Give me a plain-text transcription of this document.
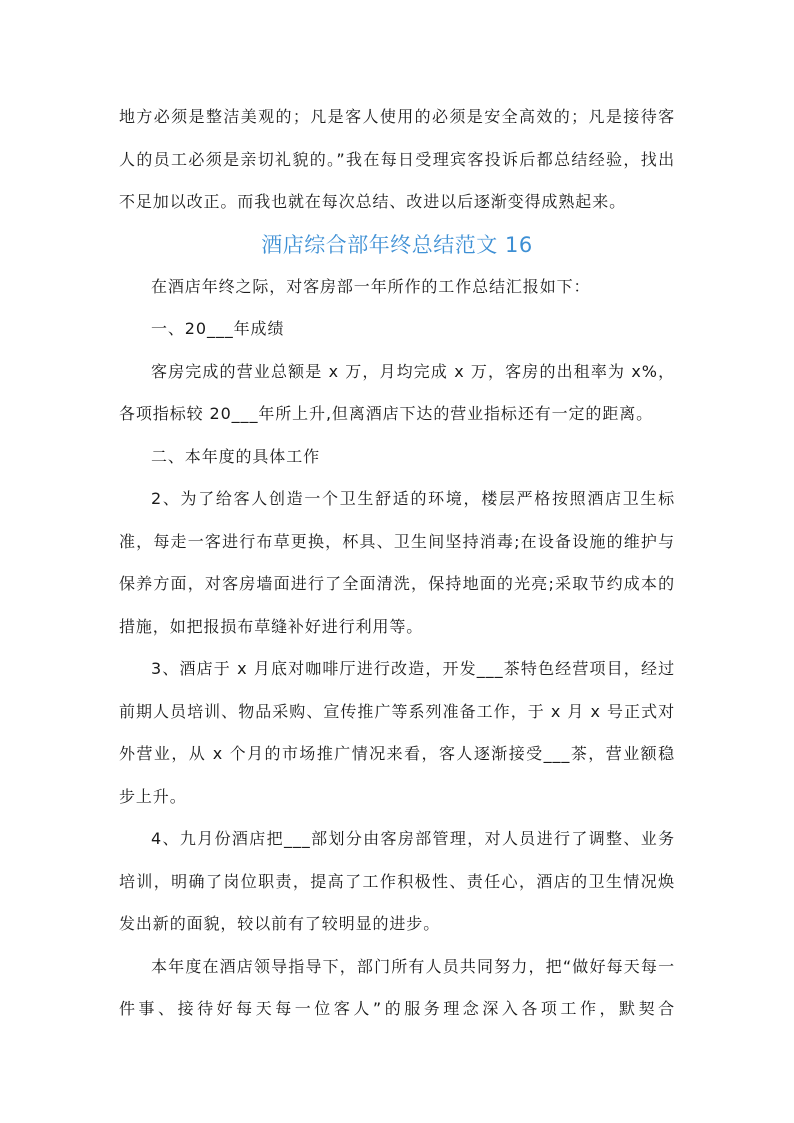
地方必须是整洁美观的；凡是客人使用的必须是安全高效的；凡是接待客人的员工必须是亲切礼貌的。”我在每日受理宾客投诉后都总结经验，找出不足加以改正。而我也就在每次总结、改进以后逐渐变得成熟起来。

酒店综合部年终总结范文 16

在酒店年终之际，对客房部一年所作的工作总结汇报如下：

一、20___年成绩

客房完成的营业总额是 x 万，月均完成 x 万，客房的出租率为 x%，各项指标较 20___年所上升,但离酒店下达的营业指标还有一定的距离。

二、本年度的具体工作

2、为了给客人创造一个卫生舒适的环境，楼层严格按照酒店卫生标准，每走一客进行布草更换，杯具、卫生间坚持消毒;在设备设施的维护与保养方面，对客房墙面进行了全面清洗，保持地面的光亮;采取节约成本的措施，如把报损布草缝补好进行利用等。

3、酒店于 x 月底对咖啡厅进行改造，开发___茶特色经营项目，经过前期人员培训、物品采购、宣传推广等系列准备工作，于 x 月 x 号正式对外营业，从 x 个月的市场推广情况来看，客人逐渐接受___茶，营业额稳步上升。

4、九月份酒店把___部划分由客房部管理，对人员进行了调整、业务培训，明确了岗位职责，提高了工作积极性、责任心，酒店的卫生情况焕发出新的面貌，较以前有了较明显的进步。

本年度在酒店领导指导下，部门所有人员共同努力，把“做好每天每一件事、接待好每天每一位客人”的服务理念深入各项工作，默契合
